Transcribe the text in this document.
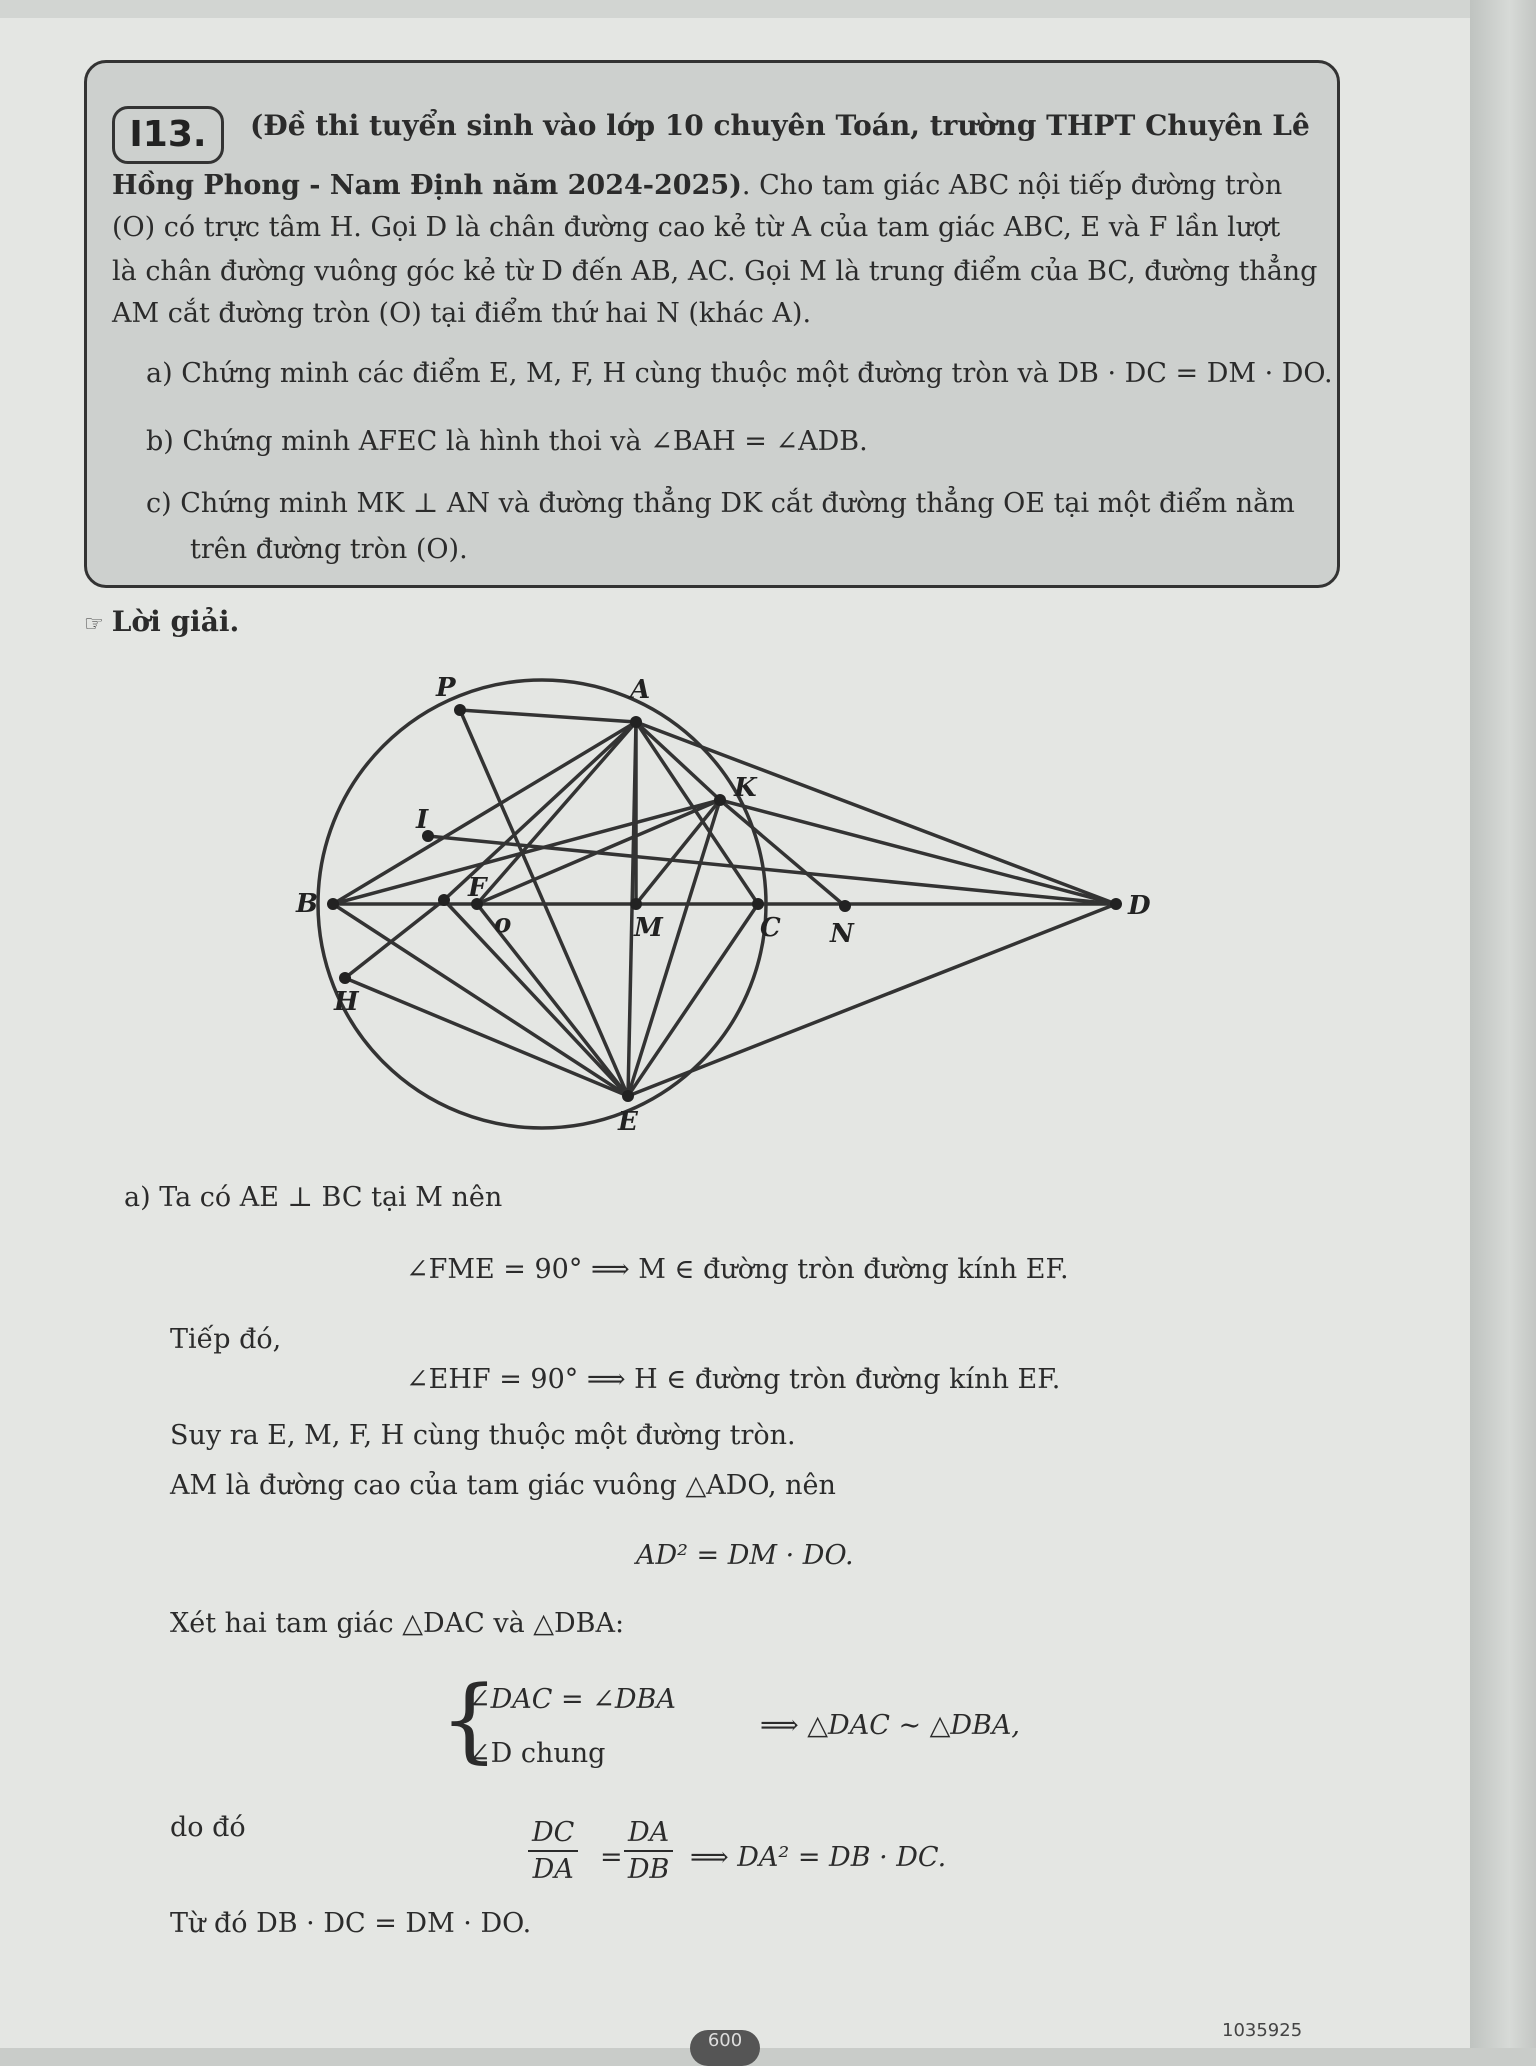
I13.	(Đề thi tuyển sinh vào lớp 10 chuyên Toán, trường THPT Chuyên Lê
Hồng Phong - Nam Định năm 2024-2025). Cho tam giác ABC nội tiếp đường tròn
(O) có trực tâm H. Gọi D là chân đường cao kẻ từ A của tam giác ABC, E và F lần lượt
là chân đường vuông góc kẻ từ D đến AB, AC. Gọi M là trung điểm của BC, đường thẳng
AM cắt đường tròn (O) tại điểm thứ hai N (khác A).
a) Chứng minh các điểm E, M, F, H cùng thuộc một đường tròn và DB · DC = DM · DO.
b) Chứng minh AFEC là hình thoi và ∠BAH = ∠ADB.
c) Chứng minh MK ⊥ AN và đường thẳng DK cắt đường thẳng OE tại một điểm nằm
trên đường tròn (O).
☞ Lời giải.
P	A
K
I
B
F
o	M	C N
D
H
E
a) Ta có AE ⊥ BC tại M nên
∠FME = 90° ⟹ M ∈ đường tròn đường kính EF.
Tiếp đó,
∠EHF = 90° ⟹ H ∈ đường tròn đường kính EF.
Suy ra E, M, F, H cùng thuộc một đường tròn.
AM là đường cao của tam giác vuông △ADO, nên
AD² = DM · DO.
Xét hai tam giác △DAC và △DBA:
{
∠DAC = ∠DBA
∠D chung
⟹ △DAC ∼ △DBA,
do đó	$\frac{DC}{DA} = \frac{DA}{DB}$ ⟹ DA² = DB · DC.
Từ đó DB · DC = DM · DO.
600	1035925
